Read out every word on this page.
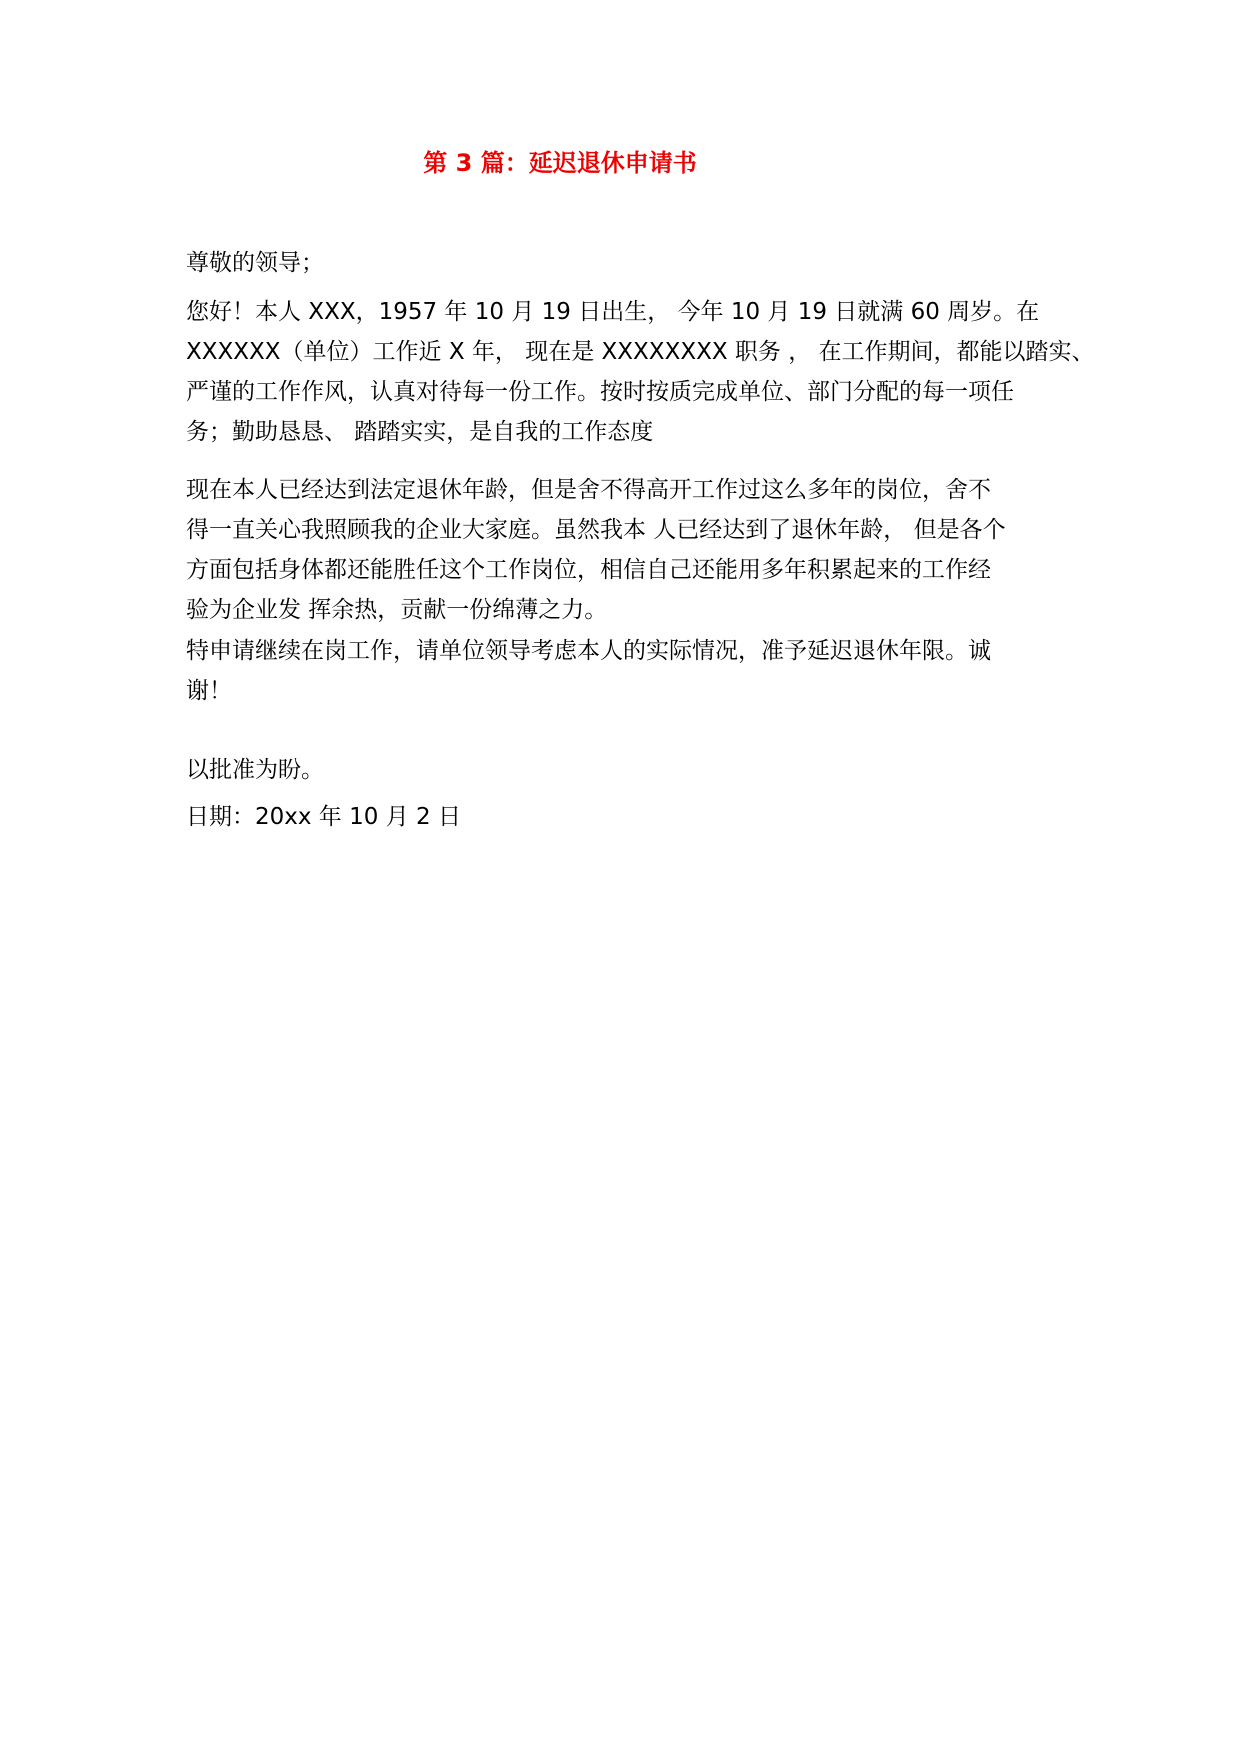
第 3 篇：延迟退休申请书
尊敬的领导；
您好！本人 XXX，1957 年 10 月 19 日出生， 今年 10 月 19 日就满 60 周岁。在
XXXXXX（单位）工作近 X 年， 现在是 XXXXXXXX 职务 ， 在工作期间，都能以踏实、
严谨的工作作风，认真对待每一份工作。按时按质完成单位、部门分配的每一项任
务；勤助恳恳、 踏踏实实，是自我的工作态度
现在本人已经达到法定退休年龄，但是舍不得高开工作过这么多年的岗位，舍不
得一直关心我照顾我的企业大家庭。虽然我本 人已经达到了退休年龄， 但是各个
方面包括身体都还能胜任这个工作岗位，相信自己还能用多年积累起来的工作经
验为企业发 挥余热，贡献一份绵薄之力。
特申请继续在岗工作，请单位领导考虑本人的实际情况，准予延迟退休年限。诚
谢！
以批准为盼。
日期：20xx 年 10 月 2 日
